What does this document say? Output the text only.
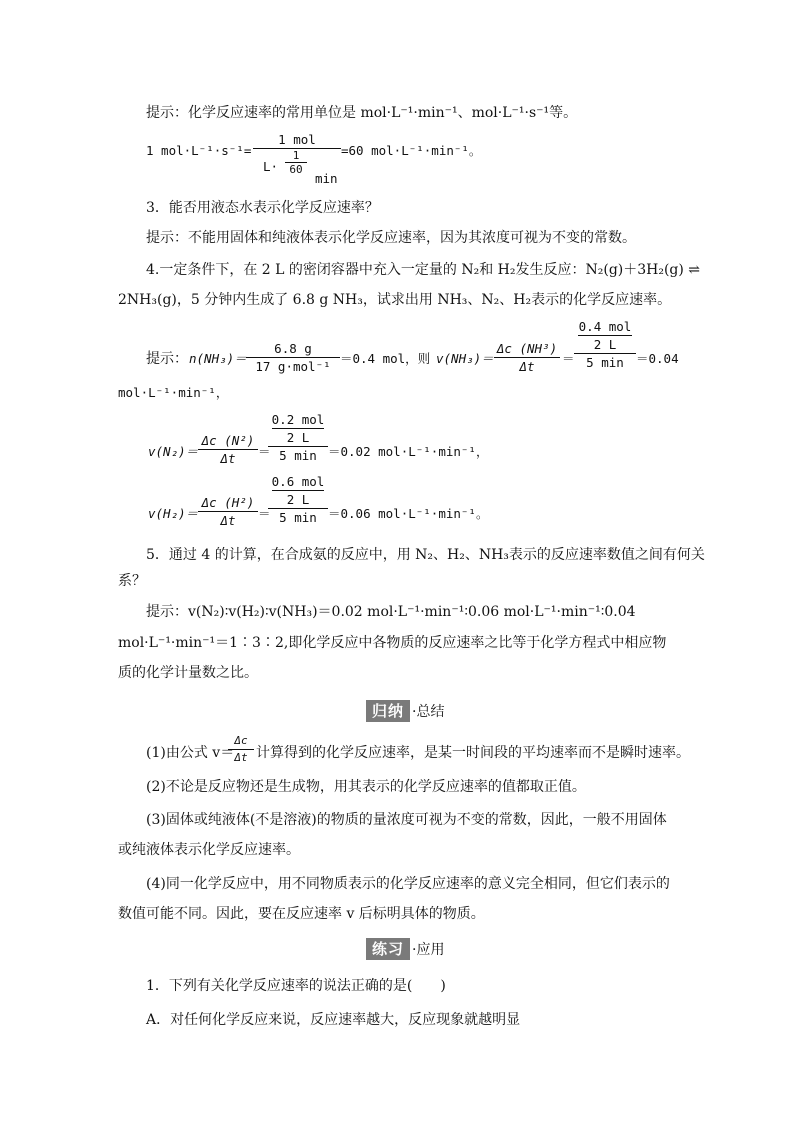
提示：化学反应速率的常用单位是 mol·L⁻¹·min⁻¹、mol·L⁻¹·s⁻¹等。
1 mol·L⁻¹·s⁻¹=
1 mol
L·
1
60
min
=60 mol·L⁻¹·min⁻¹。
3．能否用液态水表示化学反应速率？
提示：不能用固体和纯液体表示化学反应速率，因为其浓度可视为不变的常数。
4.一定条件下，在 2 L 的密闭容器中充入一定量的 N₂和 H₂发生反应：N₂(g)＋3H₂(g) ⇌
2NH₃(g)，5 分钟内生成了 6.8 g NH₃，试求出用 NH₃、N₂、H₂表示的化学反应速率。
提示： n(NH₃)＝
6.8 g
17 g·mol⁻¹
＝0.4 mol，则 v(NH₃)＝
Δc (NH³)
Δt
＝
0.4 mol
2 L
5 min ＝0.04
mol·L⁻¹·min⁻¹，
v(N₂)＝
Δc (N²)
Δt	＝
0.2 mol
2 L
5 min ＝0.02 mol·L⁻¹·min⁻¹，
v(H₂)＝
Δc (H²)
Δt	＝
0.6 mol
2 L
5 min ＝0.06 mol·L⁻¹·min⁻¹。
5．通过 4 的计算，在合成氨的反应中，用 N₂、H₂、NH₃表示的反应速率数值之间有何关
系？
提示：v(N₂)∶v(H₂)∶v(NH₃)＝0.02 mol·L⁻¹·min⁻¹∶0.06 mol·L⁻¹·min⁻¹∶0.04
mol·L⁻¹·min⁻¹＝1∶3∶2,即化学反应中各物质的反应速率之比等于化学方程式中相应物
质的化学计量数之比。
归纳 ·总结
(1)由公式 v＝
Δc
Δt 计算得到的化学反应速率，是某一时间段的平均速率而不是瞬时速率。
(2)不论是反应物还是生成物，用其表示的化学反应速率的值都取正值。
(3)固体或纯液体(不是溶液)的物质的量浓度可视为不变的常数，因此，一般不用固体
或纯液体表示化学反应速率。
(4)同一化学反应中，用不同物质表示的化学反应速率的意义完全相同，但它们表示的
数值可能不同。因此，要在反应速率 v 后标明具体的物质。
练习 ·应用
1．下列有关化学反应速率的说法正确的是(　　)
A．对任何化学反应来说，反应速率越大，反应现象就越明显
